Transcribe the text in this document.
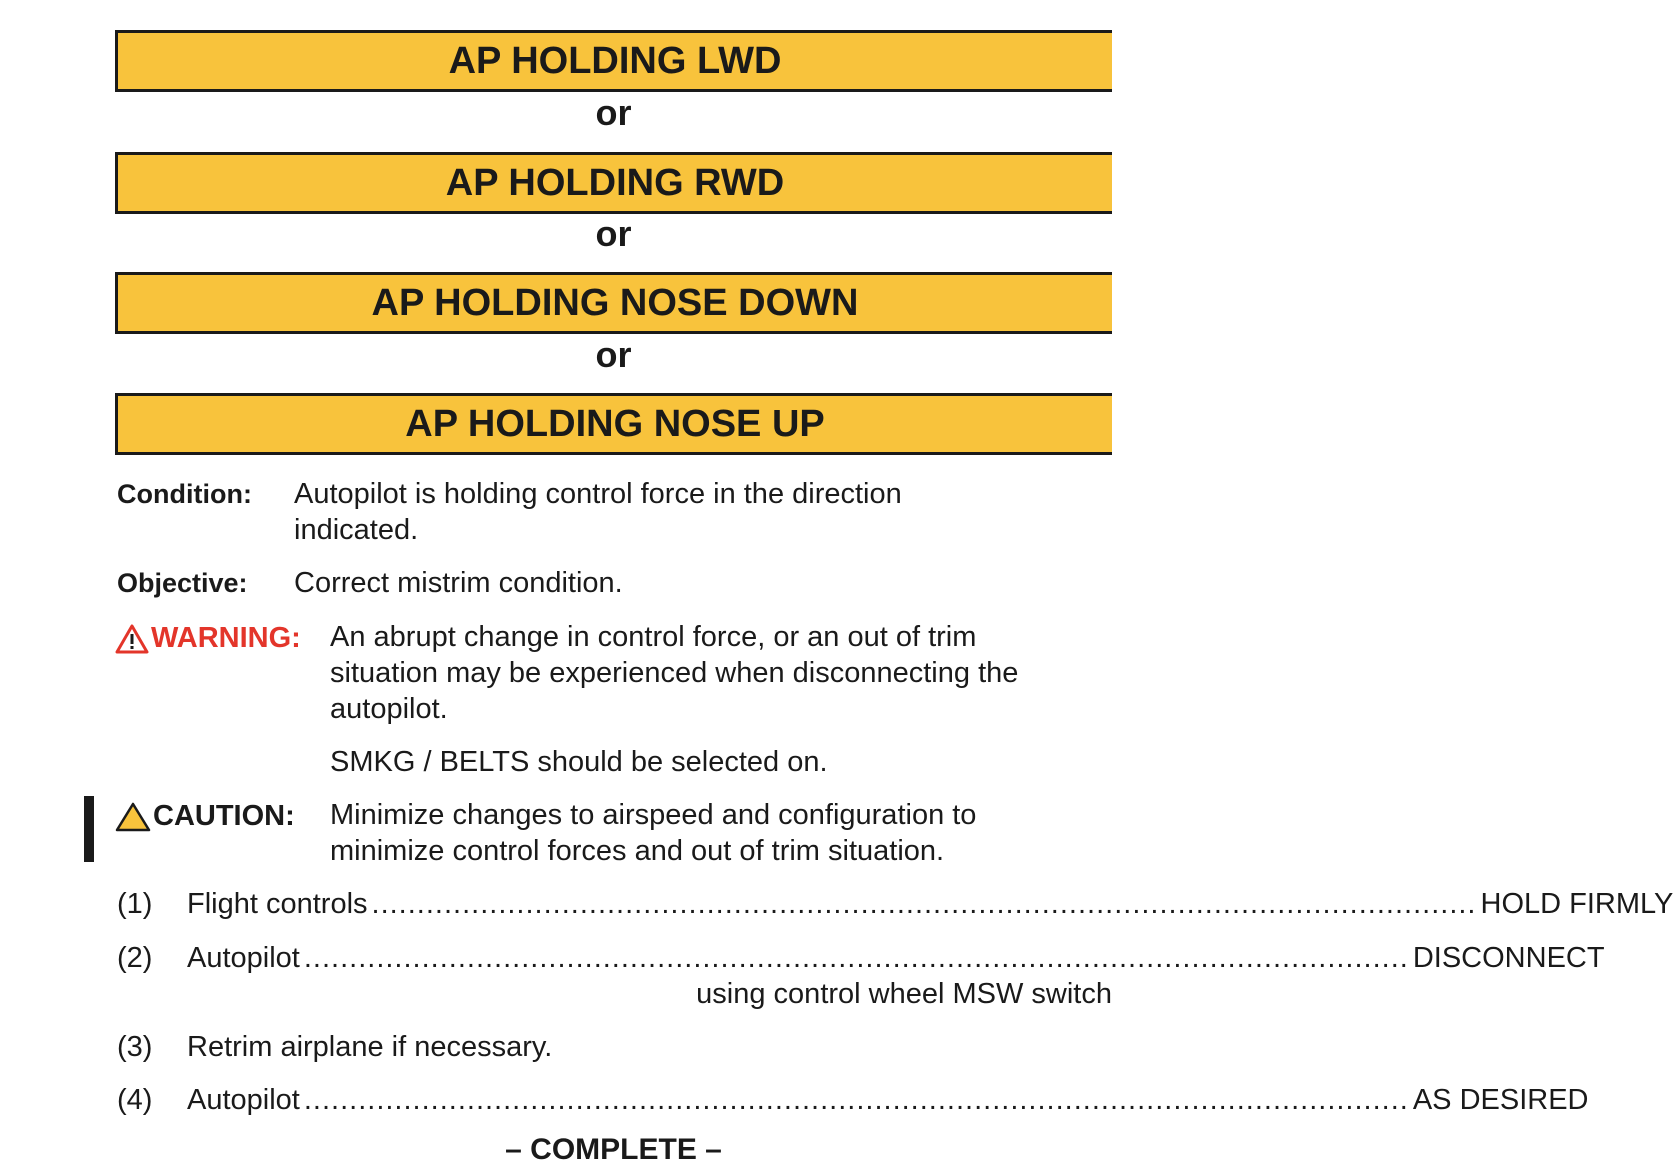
AP HOLDING LWD
or
AP HOLDING RWD
or
AP HOLDING NOSE DOWN
or
AP HOLDING NOSE UP
Condition: Autopilot is holding control force in the direction
indicated.
Objective: Correct mistrim condition.
WARNING: An abrupt change in control force, or an out of trim
situation may be experienced when disconnecting the
autopilot.
SMKG / BELTS should be selected on.
CAUTION: Minimize changes to airspeed and configuration to
minimize control forces and out of trim situation.
(1)	Flight controls .......................................................................................................................... HOLD FIRMLY
(2)	Autopilot .......................................................................................................................... DISCONNECT
using control wheel MSW switch
(3)	Retrim airplane if necessary.
(4)	Autopilot .......................................................................................................................... AS DESIRED
– COMPLETE –
